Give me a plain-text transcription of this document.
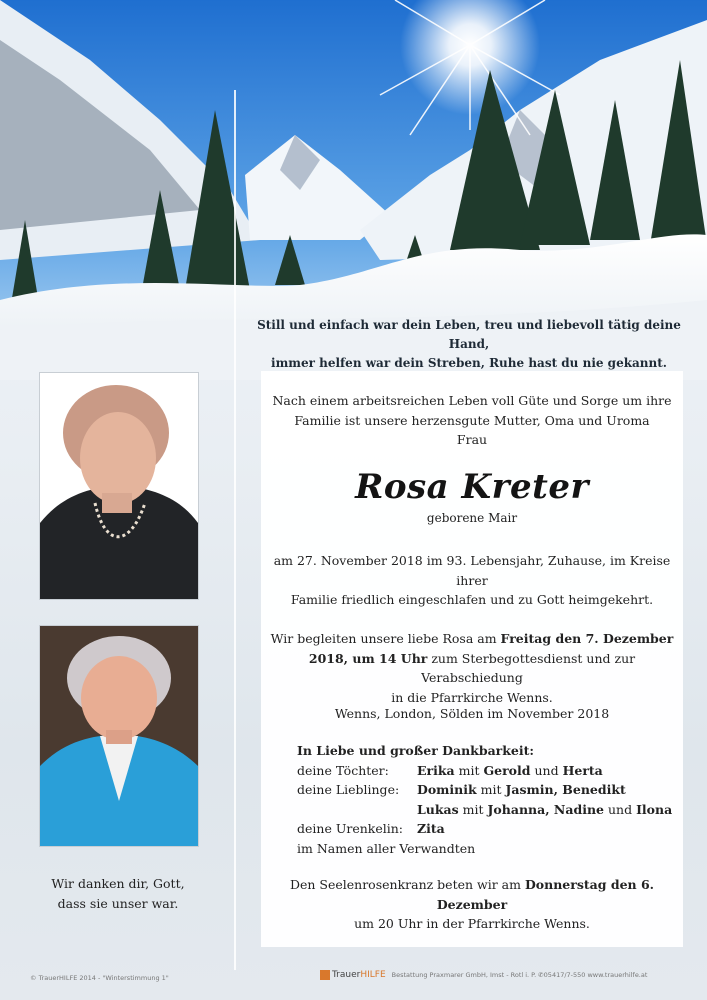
Still und einfach war dein Leben, treu und liebevoll tätig deine Hand,
immer helfen war dein Streben, Ruhe hast du nie gekannt.
Wir danken dir, Gott,
dass sie unser war.
Nach einem arbeitsreichen Leben voll Güte und Sorge um ihre
Familie ist unsere herzensgute Mutter, Oma und Uroma
Frau
Rosa Kreter
geborene Mair
am 27. November 2018 im 93. Lebensjahr, Zuhause, im Kreise ihrer
Familie friedlich eingeschlafen und zu Gott heimgekehrt.
Wir begleiten unsere liebe Rosa am Freitag den 7. Dezember
2018, um 14 Uhr zum Sterbegottesdienst und zur Verabschiedung
in die Pfarrkirche Wenns.
Wenns, London, Sölden im November 2018
In Liebe und großer Dankbarkeit:
deine Töchter: Erika mit Gerold und Herta
deine Lieblinge: Dominik mit Jasmin, Benedikt
Lukas mit Johanna, Nadine und Ilona
deine Urenkelin: Zita
im Namen aller Verwandten
Den Seelenrosenkranz beten wir am Donnerstag den 6. Dezember
um 20 Uhr in der Pfarrkirche Wenns.
© TrauerHILFE 2014 - "Winterstimmung 1"	TrauerHILFE Bestattung Praxmarer GmbH, Imst - Rotl i. P. ✆05417/7-550 www.trauerhilfe.at
